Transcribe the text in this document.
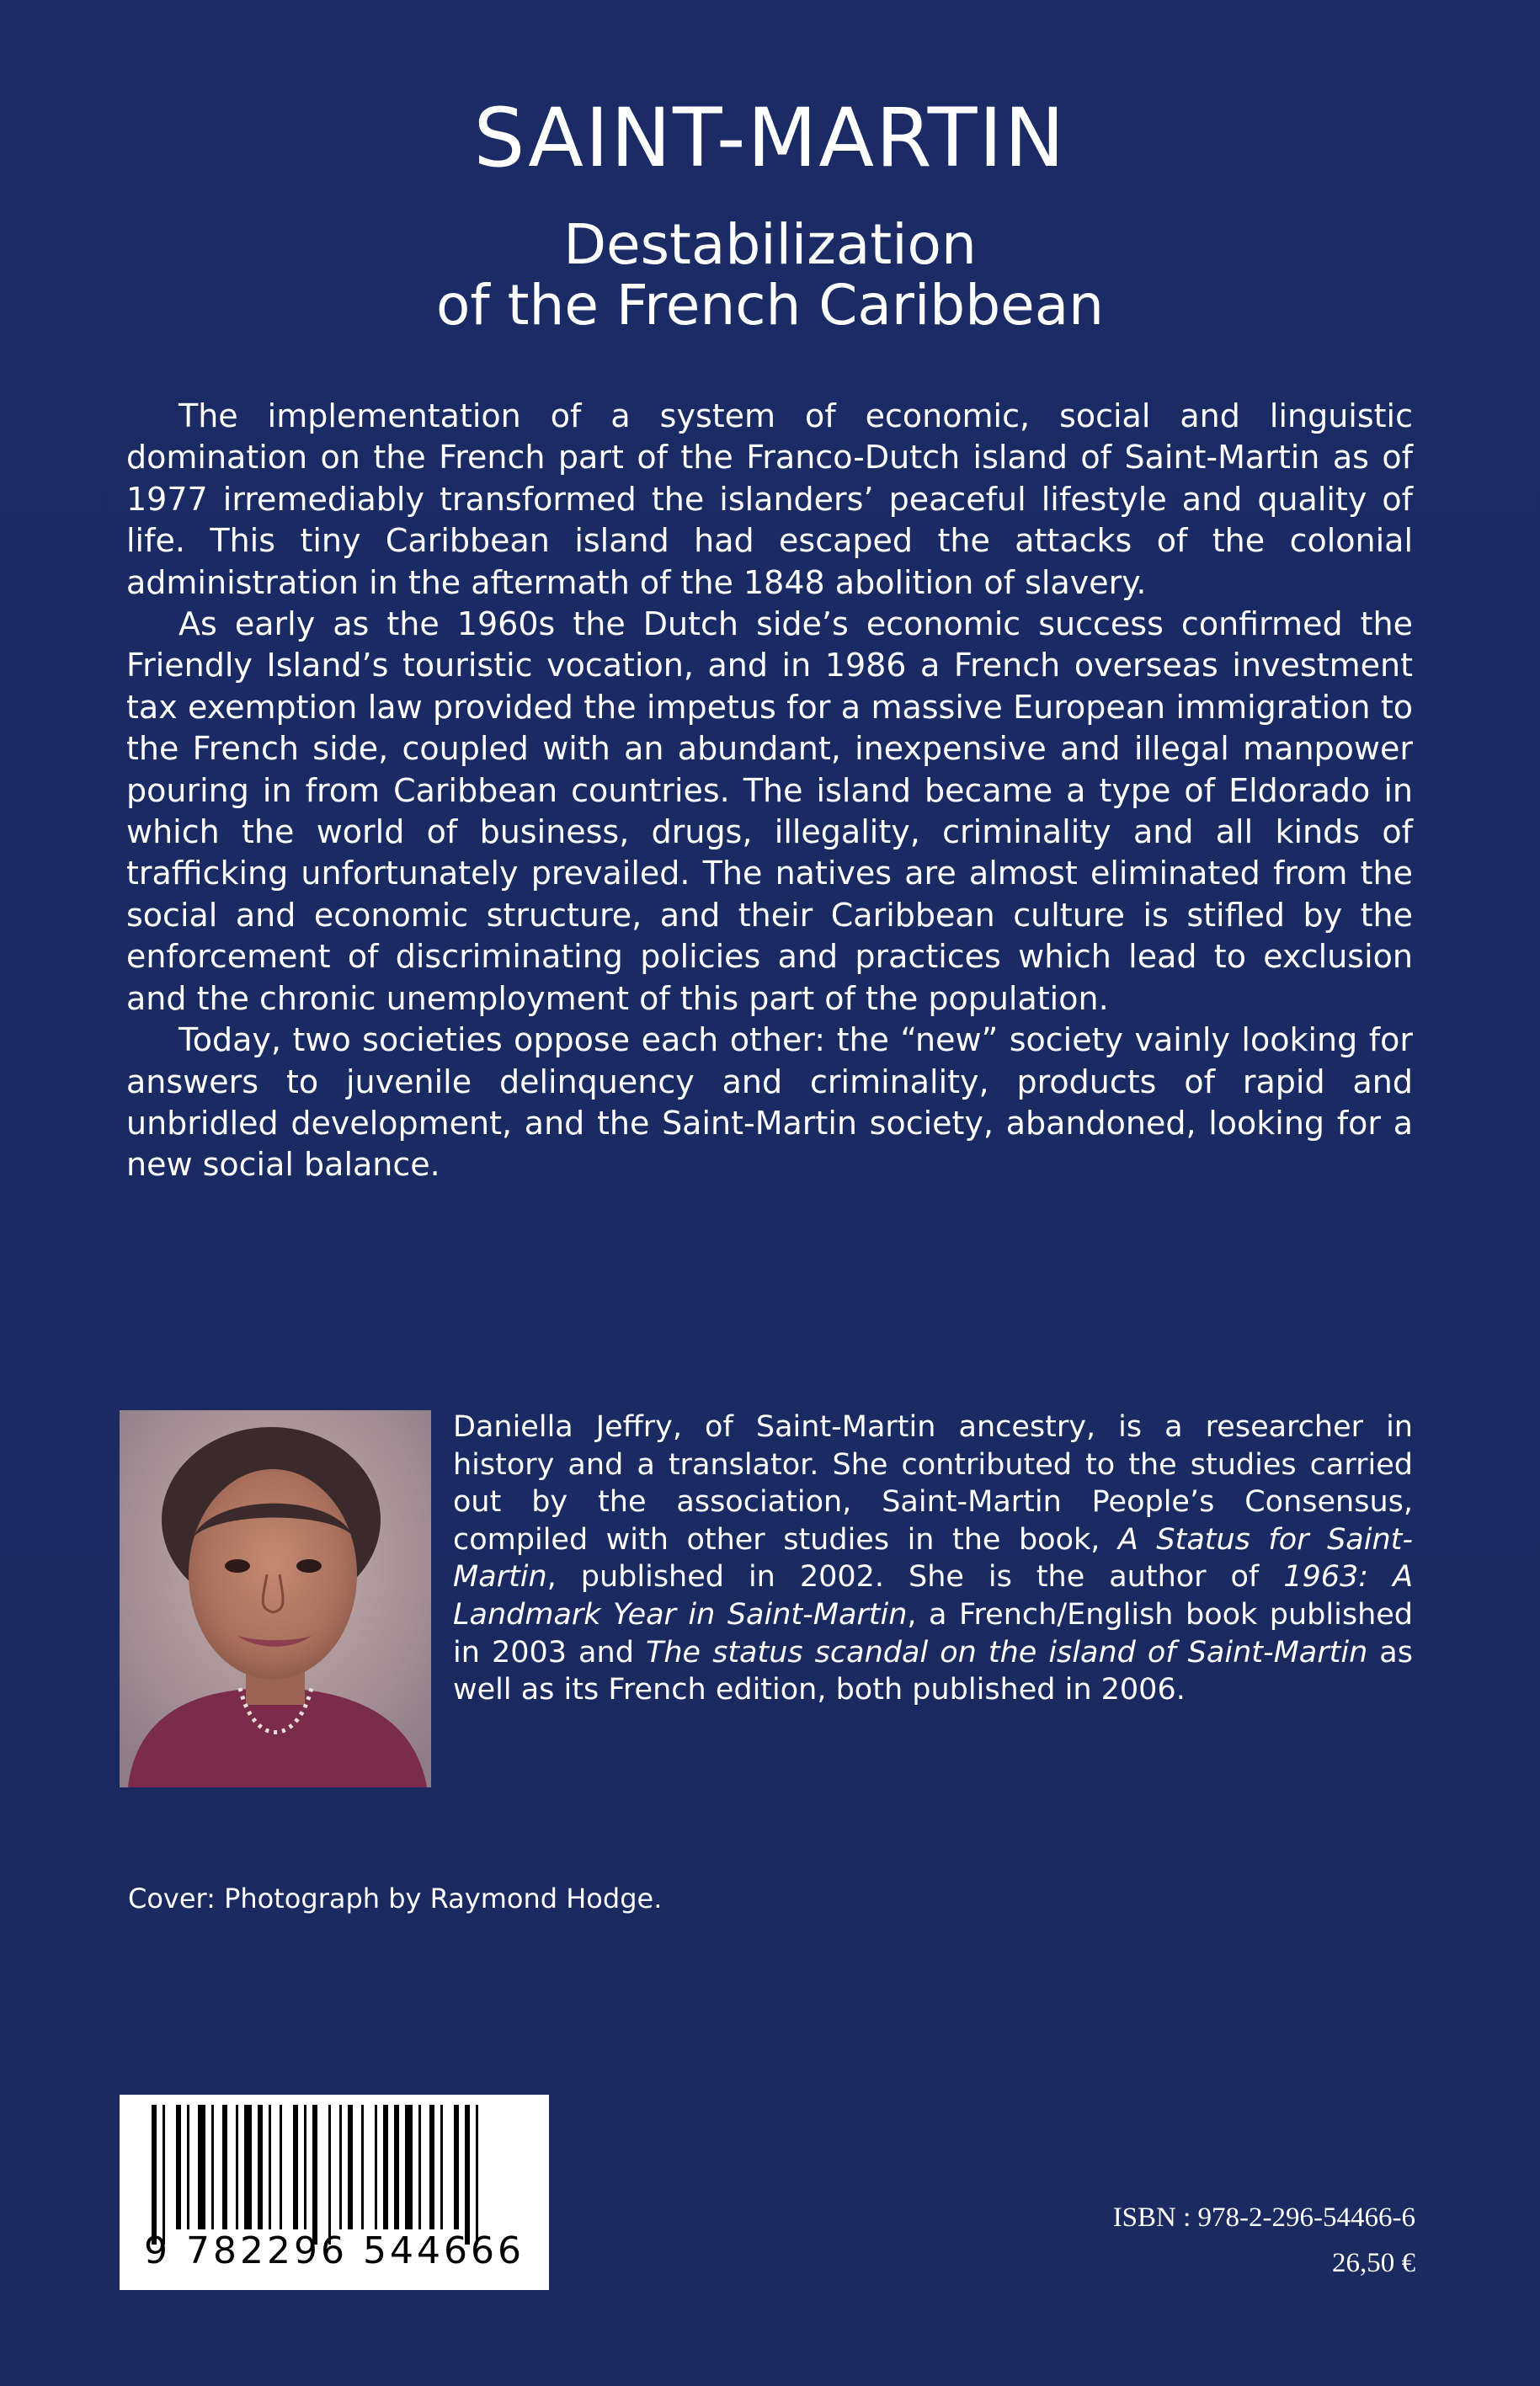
SAINT-MARTIN
Destabilization
of the French Caribbean

The implementation of a system of economic, social and linguistic domination on the French part of the Franco-Dutch island of Saint-Martin as of 1977 irremediably transformed the islanders’ peaceful lifestyle and quality of life. This tiny Caribbean island had escaped the attacks of the colonial administration in the aftermath of the 1848 abolition of slavery.

As early as the 1960s the Dutch side’s economic success confirmed the Friendly Island’s touristic vocation, and in 1986 a French overseas investment tax exemption law provided the impetus for a massive European immigration to the French side, coupled with an abundant, inexpensive and illegal manpower pouring in from Caribbean countries. The island became a type of Eldorado in which the world of business, drugs, illegality, criminality and all kinds of trafficking unfortunately prevailed. The natives are almost eliminated from the social and economic structure, and their Caribbean culture is stifled by the enforcement of discriminating policies and practices which lead to exclusion and the chronic unemployment of this part of the population.

Today, two societies oppose each other: the “new” society vainly looking for answers to juvenile delinquency and criminality, products of rapid and unbridled development, and the Saint-Martin society, abandoned, looking for a new social balance.

Daniella Jeffry, of Saint-Martin ancestry, is a researcher in history and a translator. She contributed to the studies carried out by the association, Saint-Martin People’s Consensus, compiled with other studies in the book, A Status for Saint-Martin, published in 2002. She is the author of 1963: A Landmark Year in Saint-Martin, a French/English book published in 2003 and The status scandal on the island of Saint-Martin as well as its French edition, both published in 2006.

Cover: Photograph by Raymond Hodge.
9 782296 544666
ISBN : 978-2-296-54466-6
26,50 €
